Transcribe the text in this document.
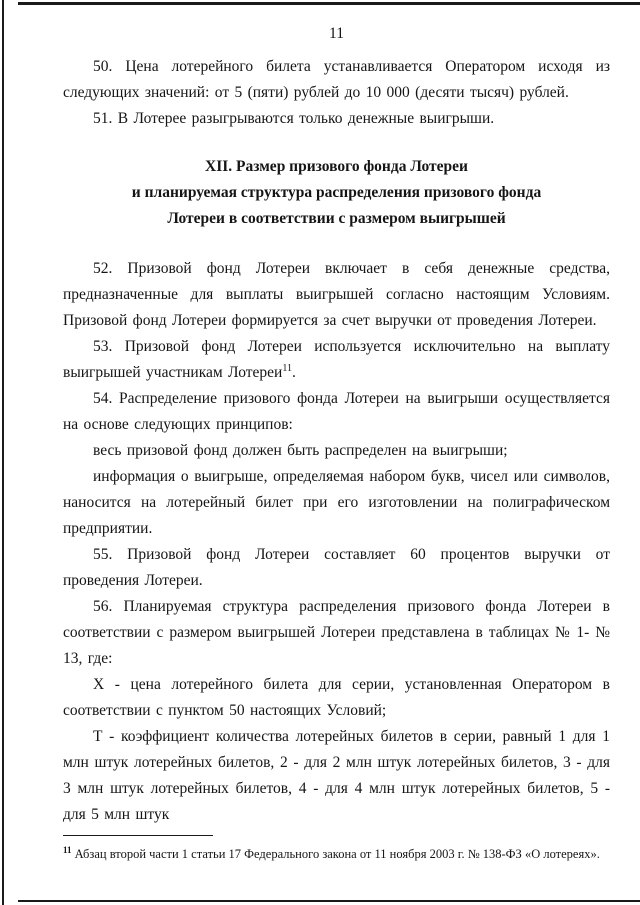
11

50. Цена лотерейного билета устанавливается Оператором исходя из следующих значений: от 5 (пяти) рублей до 10 000 (десяти тысяч) рублей.

51. В Лотерее разыгрываются только денежные выигрыши.

XII. Размер призового фонда Лотереи
и планируемая структура распределения призового фонда
Лотереи в соответствии с размером выигрышей

52. Призовой фонд Лотереи включает в себя денежные средства, предназначенные для выплаты выигрышей согласно настоящим Условиям. Призовой фонд Лотереи формируется за счет выручки от проведения Лотереи.

53. Призовой фонд Лотереи используется исключительно на выплату выигрышей участникам Лотереи$^{11}$.

54. Распределение призового фонда Лотереи на выигрыши осуществляется на основе следующих принципов:

весь призовой фонд должен быть распределен на выигрыши;

информация о выигрыше, определяемая набором букв, чисел или символов, наносится на лотерейный билет при его изготовлении на полиграфическом предприятии.

55. Призовой фонд Лотереи составляет 60 процентов выручки от проведения Лотереи.

56. Планируемая структура распределения призового фонда Лотереи в соответствии с размером выигрышей Лотереи представлена в таблицах № 1- № 13, где:

Х - цена лотерейного билета для серии, установленная Оператором в соответствии с пунктом 50 настоящих Условий;

Т - коэффициент количества лотерейных билетов в серии, равный 1 для 1 млн штук лотерейных билетов, 2 - для 2 млн штук лотерейных билетов, 3 - для 3 млн штук лотерейных билетов, 4 - для 4 млн штук лотерейных билетов, 5 - для 5 млн штук

$^{11}$ Абзац второй части 1 статьи 17 Федерального закона от 11 ноября 2003 г. № 138-ФЗ «О лотереях».
